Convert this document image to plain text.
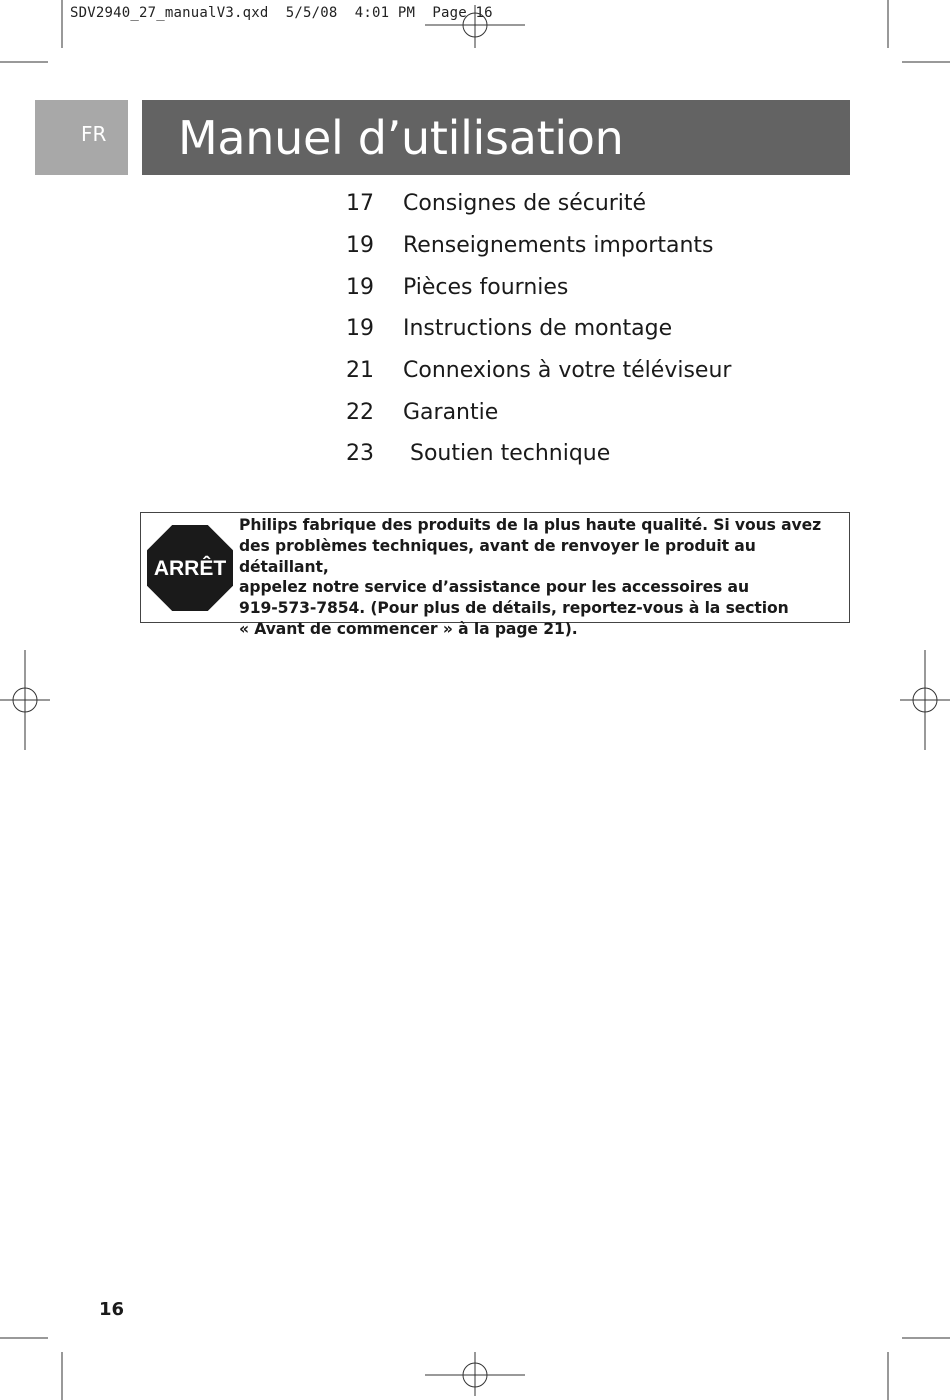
SDV2940_27_manualV3.qxd  5/5/08  4:01 PM  Page 16
FR	Manuel d’utilisation
17	Consignes de sécurité
19	Renseignements importants
19	Pièces fournies
19	Instructions de montage
21	Connexions à votre téléviseur
22	Garantie
23	Soutien technique
ARRÊT
Philips fabrique des produits de la plus haute qualité. Si vous avez
des problèmes techniques, avant de renvoyer le produit au détaillant,
appelez notre service d’assistance pour les accessoires au
919-573-7854. (Pour plus de détails, reportez-vous à la section
« Avant de commencer » à la page 21).
16
